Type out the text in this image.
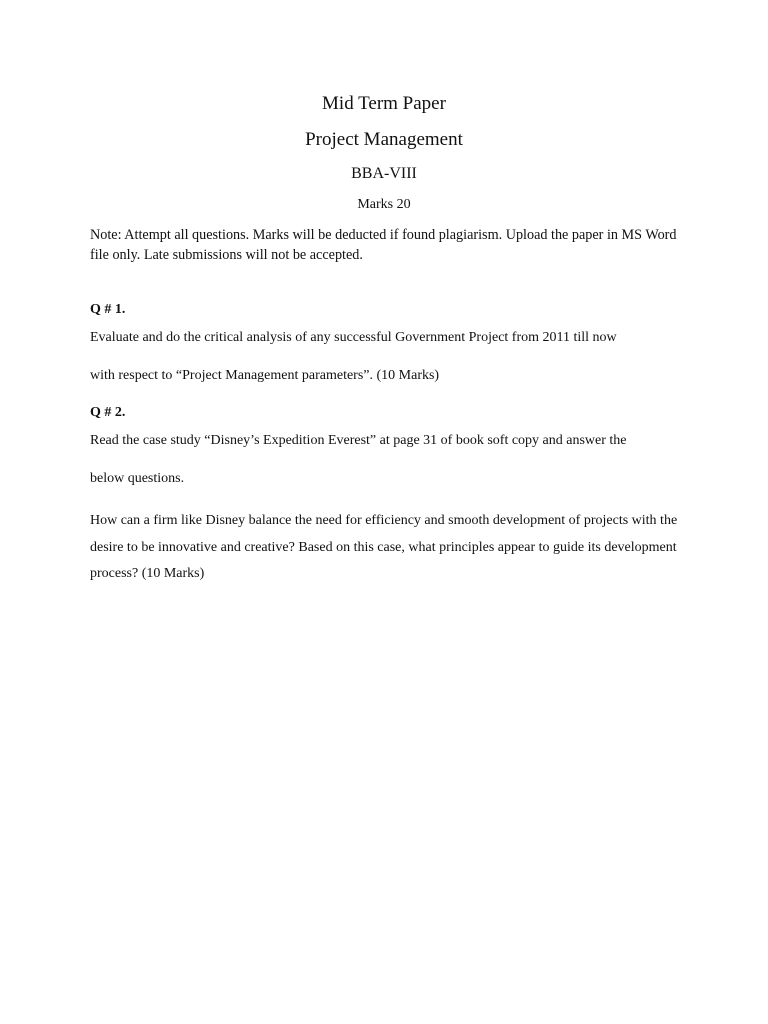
Mid Term Paper
Project Management
BBA-VIII
Marks 20

Note: Attempt all questions. Marks will be deducted if found plagiarism. Upload the paper in MS Word file only. Late submissions will not be accepted.

Q # 1.
Evaluate and do the critical analysis of any successful Government Project from 2011 till now
with respect to “Project Management parameters”. (10 Marks)
Q # 2.
Read the case study “Disney’s Expedition Everest” at page 31 of book soft copy and answer the
below questions.

How can a firm like Disney balance the need for efficiency and smooth development of projects with the desire to be innovative and creative? Based on this case, what principles appear to guide its development process? (10 Marks)
